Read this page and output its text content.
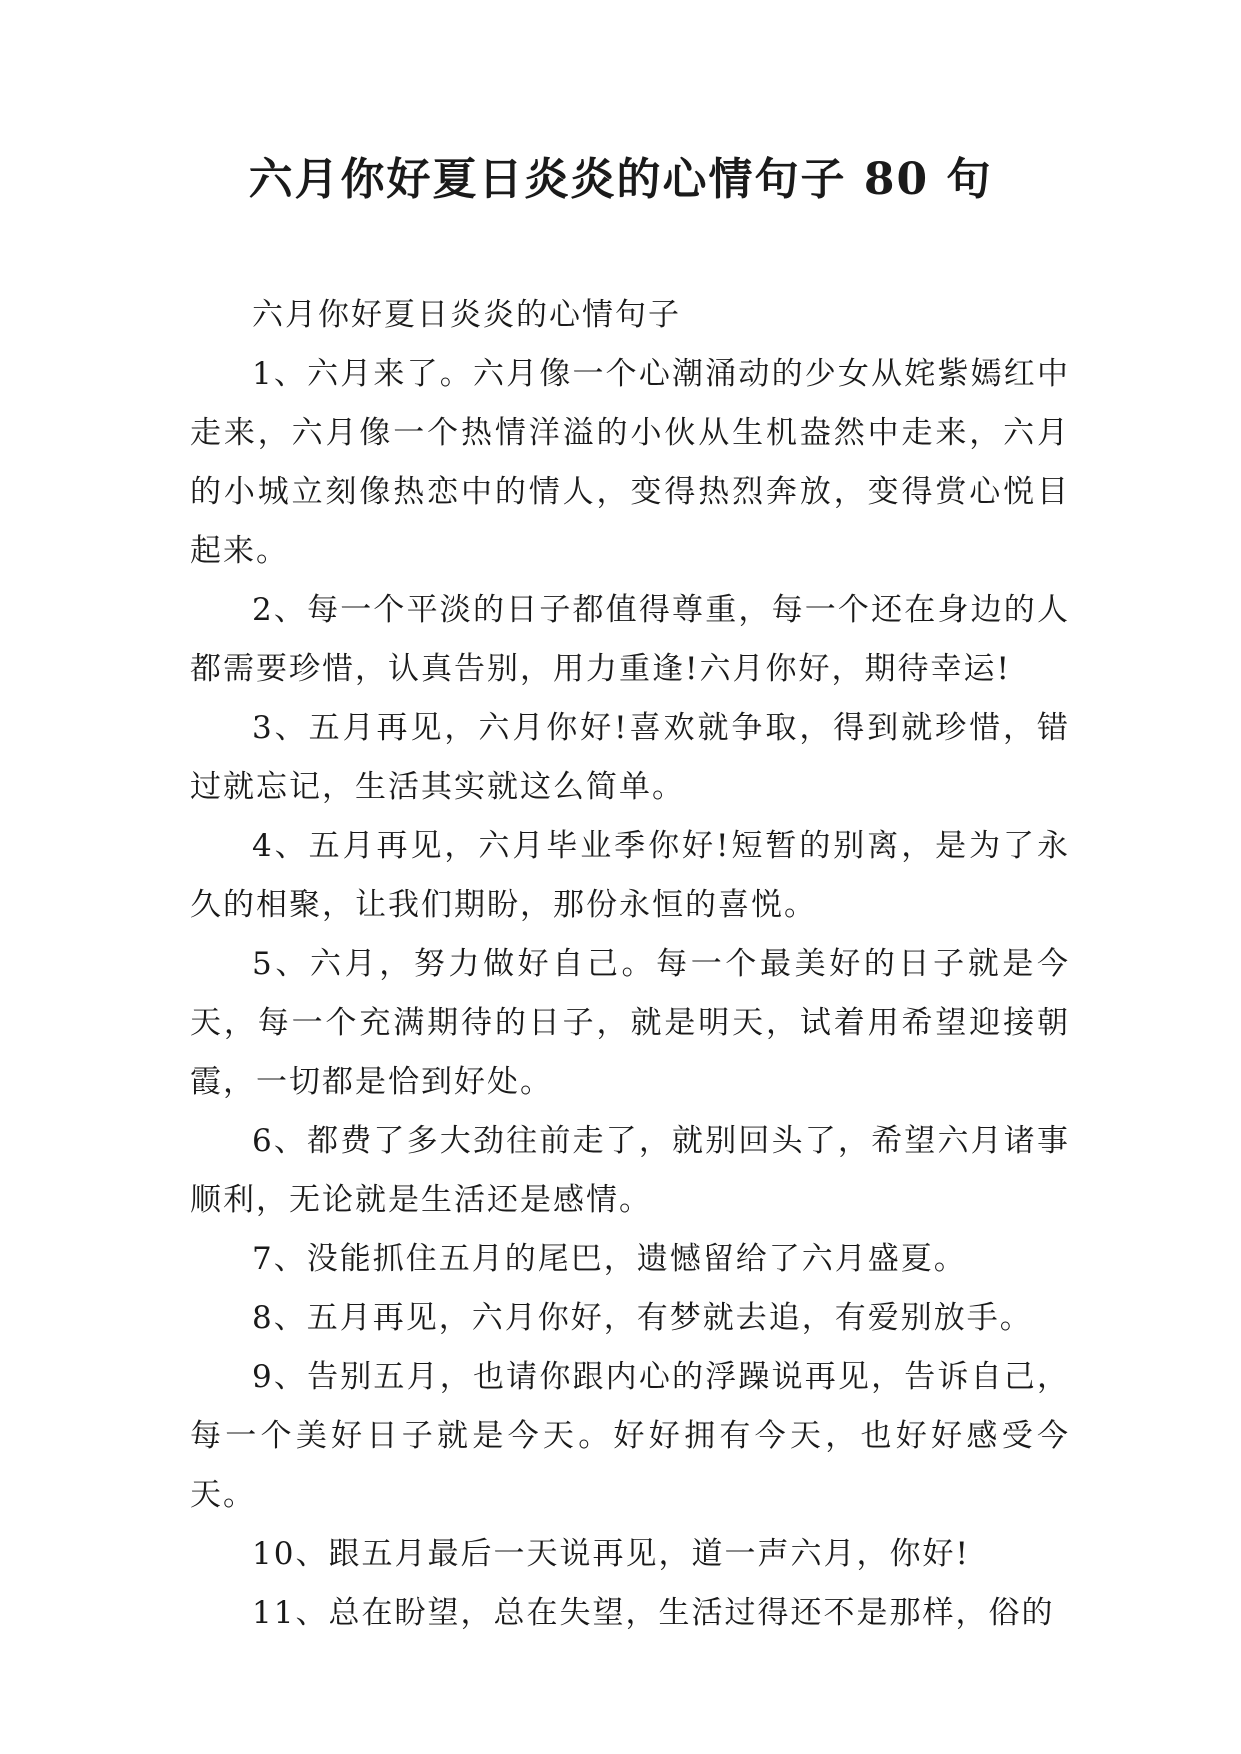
六月你好夏日炎炎的心情句子 80 句

六月你好夏日炎炎的心情句子

1、六月来了。六月像一个心潮涌动的少女从姹紫嫣红中走来，六月像一个热情洋溢的小伙从生机盎然中走来，六月的小城立刻像热恋中的情人，变得热烈奔放，变得赏心悦目起来。

2、每一个平淡的日子都值得尊重，每一个还在身边的人都需要珍惜，认真告别，用力重逢!六月你好，期待幸运!

3、五月再见，六月你好!喜欢就争取，得到就珍惜，错过就忘记，生活其实就这么简单。

4、五月再见，六月毕业季你好!短暂的别离，是为了永久的相聚，让我们期盼，那份永恒的喜悦。

5、六月，努力做好自己。每一个最美好的日子就是今天，每一个充满期待的日子，就是明天，试着用希望迎接朝霞，一切都是恰到好处。

6、都费了多大劲往前走了，就别回头了，希望六月诸事顺利，无论就是生活还是感情。

7、没能抓住五月的尾巴，遗憾留给了六月盛夏。

8、五月再见，六月你好，有梦就去追，有爱别放手。

9、告别五月，也请你跟内心的浮躁说再见，告诉自己，每一个美好日子就是今天。好好拥有今天，也好好感受今天。

10、跟五月最后一天说再见，道一声六月，你好!

11、总在盼望，总在失望，生活过得还不是那样，俗的
